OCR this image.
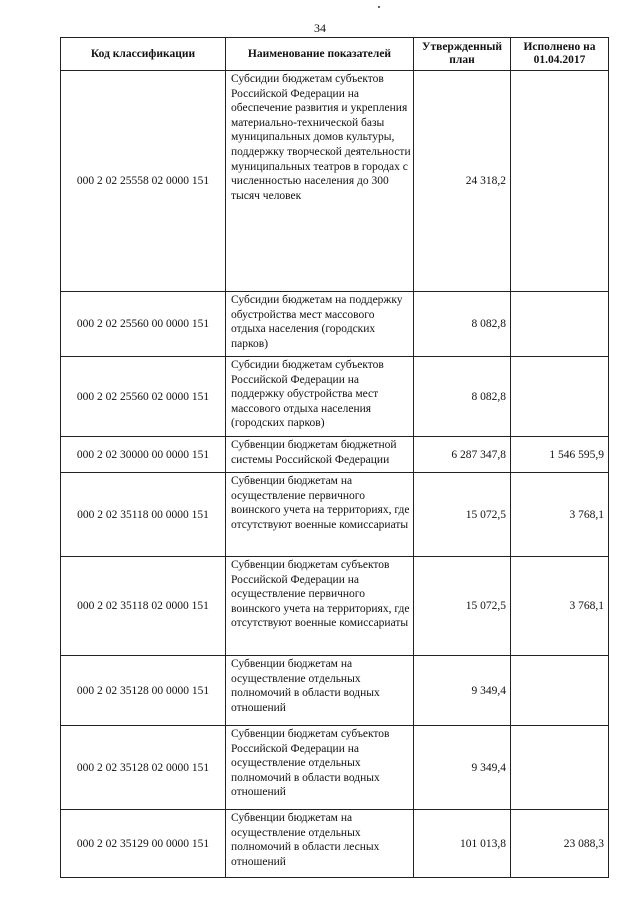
34
Код классификации	Наименование показателей	Утвержденный план	Исполнено на 01.04.2017
000 2 02 25558 02 0000 151	Субсидии бюджетам субъектов Российской Федерации на обеспечение развития и укрепления материально-технической базы муниципальных домов культуры, поддержку творческой деятельности муниципальных театров в городах с численностью населения до 300 тысяч человек	24 318,2	
000 2 02 25560 00 0000 151	Субсидии бюджетам на поддержку обустройства мест массового отдыха населения (городских парков)	8 082,8	
000 2 02 25560 02 0000 151	Субсидии бюджетам субъектов Российской Федерации на поддержку обустройства мест массового отдыха населения (городских парков)	8 082,8	
000 2 02 30000 00 0000 151	Субвенции бюджетам бюджетной системы Российской Федерации	6 287 347,8	1 546 595,9
000 2 02 35118 00 0000 151	Субвенции бюджетам на осуществление первичного воинского учета на территориях, где отсутствуют военные комиссариаты	15 072,5	3 768,1
000 2 02 35118 02 0000 151	Субвенции бюджетам субъектов Российской Федерации на осуществление первичного воинского учета на территориях, где отсутствуют военные комиссариаты	15 072,5	3 768,1
000 2 02 35128 00 0000 151	Субвенции бюджетам на осуществление отдельных полномочий в области водных отношений	9 349,4	
000 2 02 35128 02 0000 151	Субвенции бюджетам субъектов Российской Федерации на осуществление отдельных полномочий в области водных отношений	9 349,4	
000 2 02 35129 00 0000 151	Субвенции бюджетам на осуществление отдельных полномочий в области лесных отношений	101 013,8	23 088,3
